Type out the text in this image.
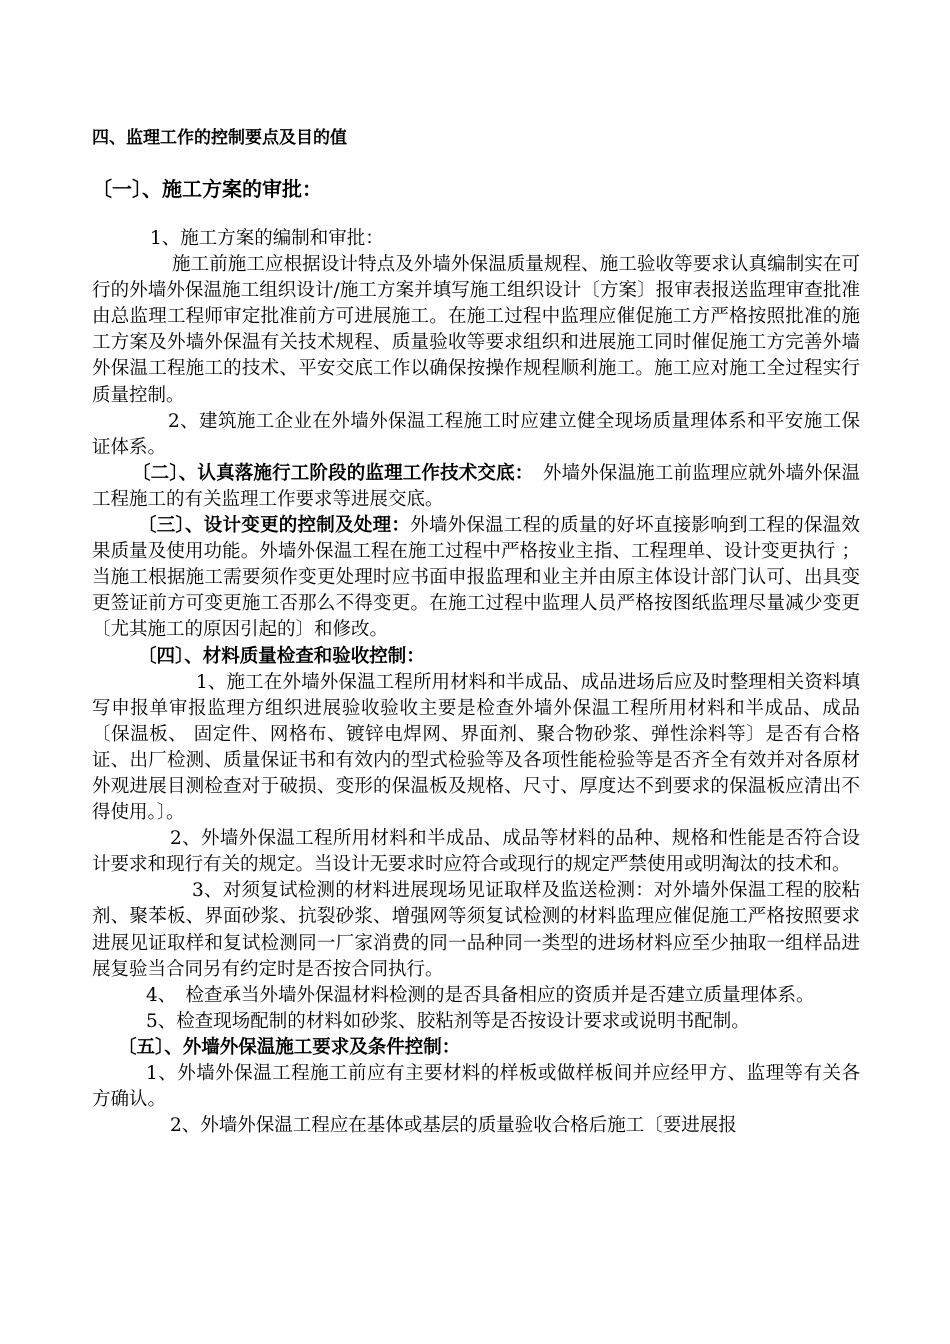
四、监理工作的控制要点及目的值
〔一〕、施工方案的审批：

1、施工方案的编制和审批：

施工前施工应根据设计特点及外墙外保温质量规程、施工验收等要求认真编制实在可行的外墙外保温施工组织设计/施工方案并填写施工组织设计〔方案〕报审表报送监理审查批准由总监理工程师审定批准前方可进展施工。在施工过程中监理应催促施工方严格按照批准的施工方案及外墙外保温有关技术规程、质量验收等要求组织和进展施工同时催促施工方完善外墙外保温工程施工的技术、平安交底工作以确保按操作规程顺利施工。施工应对施工全过程实行质量控制。

2、建筑施工企业在外墙外保温工程施工时应建立健全现场质量理体系和平安施工保证体系。

〔二〕、认真落施行工阶段的监理工作技术交底：　外墙外保温施工前监理应就外墙外保温工程施工的有关监理工作要求等进展交底。

〔三〕、设计变更的控制及处理：外墙外保温工程的质量的好坏直接影响到工程的保温效果质量及使用功能。外墙外保温工程在施工过程中严格按业主指、工程理单、设计变更执行 ；当施工根据施工需要须作变更处理时应书面申报监理和业主并由原主体设计部门认可、出具变更签证前方可变更施工否那么不得变更。在施工过程中监理人员严格按图纸监理尽量减少变更〔尤其施工的原因引起的〕和修改。

〔四〕、材料质量检查和验收控制：

1、施工在外墙外保温工程所用材料和半成品、成品进场后应及时整理相关资料填写申报单审报监理方组织进展验收验收主要是检查外墙外保温工程所用材料和半成品、成品〔保温板、 固定件、网格布、镀锌电焊网、界面剂、聚合物砂浆、弹性涂料等〕是否有合格证、出厂检测、质量保证书和有效内的型式检验等及各项性能检验等是否齐全有效并对各原材外观进展目测检查对于破损、变形的保温板及规格、尺寸、厚度达不到要求的保温板应清出不得使用。〕。

2、外墙外保温工程所用材料和半成品、成品等材料的品种、规格和性能是否符合设计要求和现行有关的规定。当设计无要求时应符合或现行的规定严禁使用或明淘汰的技术和。

3、对须复试检测的材料进展现场见证取样及监送检测：对外墙外保温工程的胶粘剂、聚苯板、界面砂浆、抗裂砂浆、增强网等须复试检测的材料监理应催促施工严格按照要求进展见证取样和复试检测同一厂家消费的同一品种同一类型的进场材料应至少抽取一组样品进展复验当合同另有约定时是否按合同执行。

4、　检查承当外墙外保温材料检测的是否具备相应的资质并是否建立质量理体系。

5、检查现场配制的材料如砂浆、胶粘剂等是否按设计要求或说明书配制。

〔五〕、外墙外保温施工要求及条件控制：

1、外墙外保温工程施工前应有主要材料的样板或做样板间并应经甲方、监理等有关各方确认。

2、外墙外保温工程应在基体或基层的质量验收合格后施工〔要进展报
